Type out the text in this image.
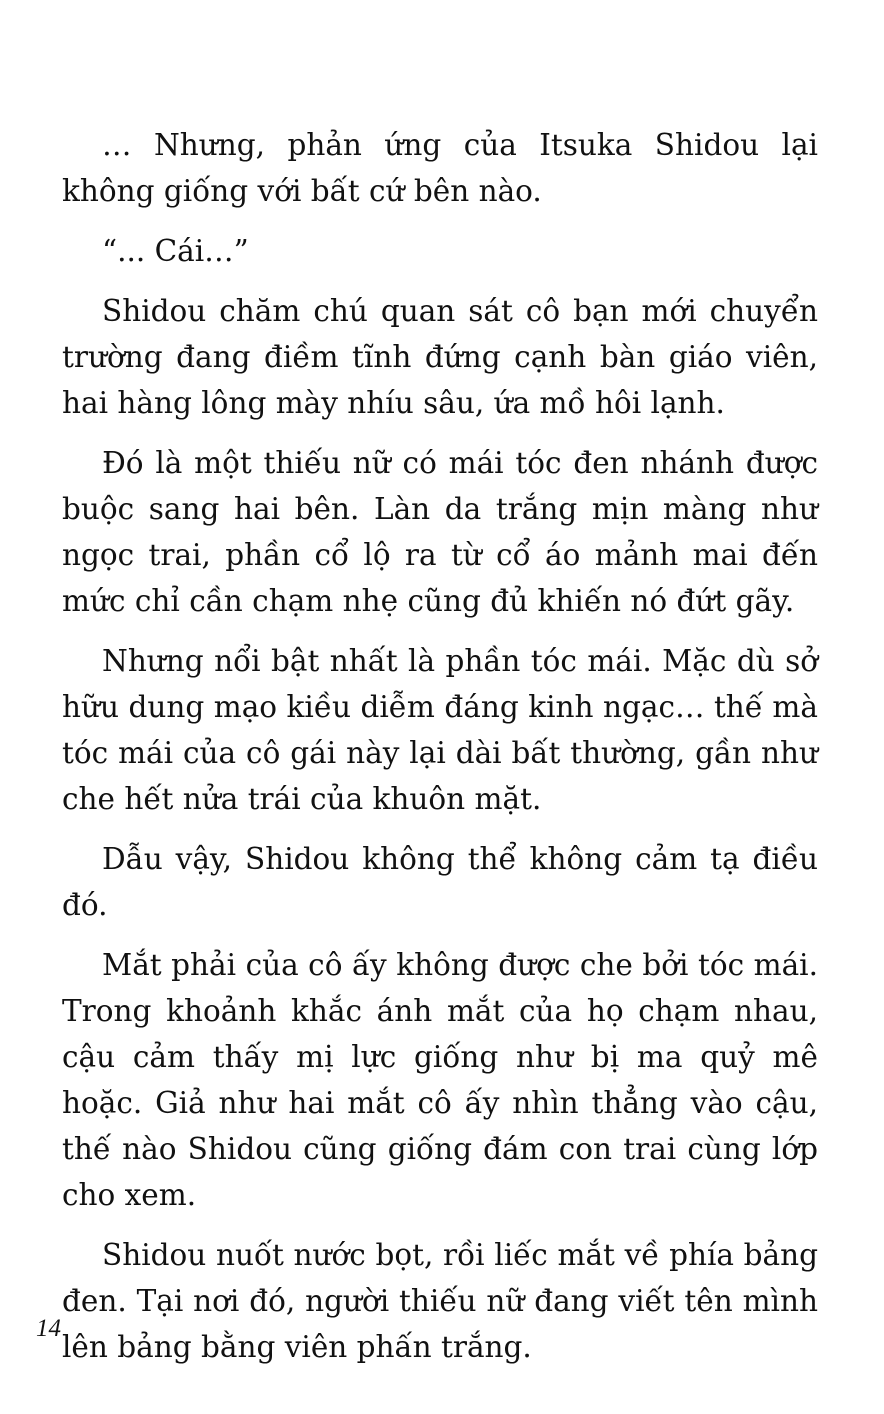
… Nhưng, phản ứng của Itsuka Shidou lại không giống với bất cứ bên nào.

“... Cái…”

Shidou chăm chú quan sát cô bạn mới chuyển trường đang điềm tĩnh đứng cạnh bàn giáo viên, hai hàng lông mày nhíu sâu, ứa mồ hôi lạnh.

Đó là một thiếu nữ có mái tóc đen nhánh được buộc sang hai bên. Làn da trắng mịn màng như ngọc trai, phần cổ lộ ra từ cổ áo mảnh mai đến mức chỉ cần chạm nhẹ cũng đủ khiến nó đứt gãy.

Nhưng nổi bật nhất là phần tóc mái. Mặc dù sở hữu dung mạo kiều diễm đáng kinh ngạc… thế mà tóc mái của cô gái này lại dài bất thường, gần như che hết nửa trái của khuôn mặt.

Dẫu vậy, Shidou không thể không cảm tạ điều đó.

Mắt phải của cô ấy không được che bởi tóc mái. Trong khoảnh khắc ánh mắt của họ chạm nhau, cậu cảm thấy mị lực giống như bị ma quỷ mê hoặc. Giả như hai mắt cô ấy nhìn thẳng vào cậu, thế nào Shidou cũng giống đám con trai cùng lớp cho xem.

Shidou nuốt nước bọt, rồi liếc mắt về phía bảng đen. Tại nơi đó, người thiếu nữ đang viết tên mình lên bảng bằng viên phấn trắng.

14
